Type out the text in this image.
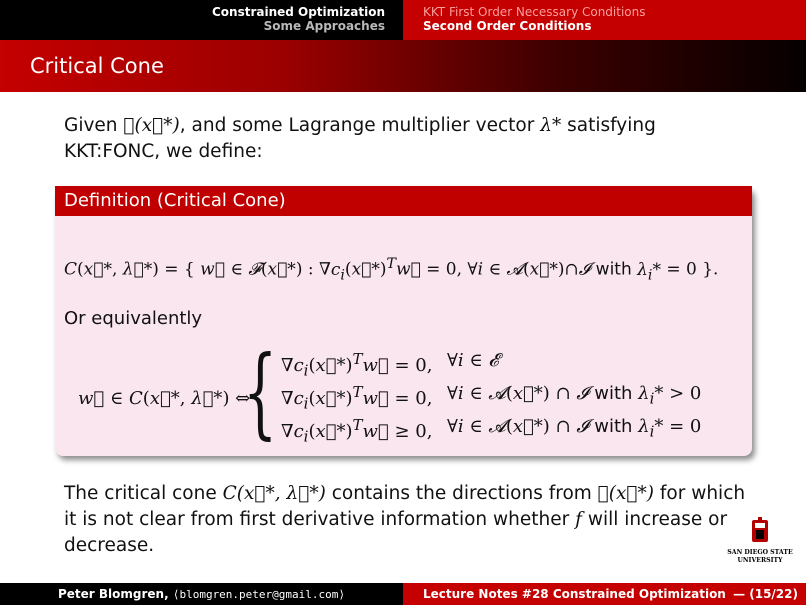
Constrained Optimization
Some Approaches
KKT First Order Necessary Conditions
Second Order Conditions
Critical Cone
Given 𝓕(x⃗*), and some Lagrange multiplier vector λ* satisfying
KKT:FONC, we define:
Definition (Critical Cone)
C(x⃗*, λ⃗*) = { w⃗ ∈ 𝓕(x⃗*) : $\nabla c_i(x⃗*)^Tw⃗ = 0$, ∀i ∈ 𝓐(x⃗*)∩𝓘 with $\lambda_i* = 0$ }.
Or equivalently
w⃗ ∈ C(x⃗*, λ⃗*) ⇔
{ $\nabla c_i(x⃗*)^Tw⃗ = 0$, ∀i ∈ 𝓔
$\nabla c_i(x⃗*)^Tw⃗ = 0$, ∀i ∈ 𝓐(x⃗*) ∩ 𝓘 with $\lambda_i* > 0$
$\nabla c_i(x⃗*)^Tw⃗ \ge 0$, ∀i ∈ 𝓐(x⃗*) ∩ 𝓘 with $\lambda_i* = 0$
The critical cone C(x⃗*, λ⃗*) contains the directions from 𝓕(x⃗*) for which it is not clear from first derivative information whether f will increase or decrease.	SAN DIEGO STATE
UNIVERSITY
Peter Blomgren, ⟨blomgren.peter@gmail.com⟩	Lecture Notes #28 Constrained Optimization — (15/22)
